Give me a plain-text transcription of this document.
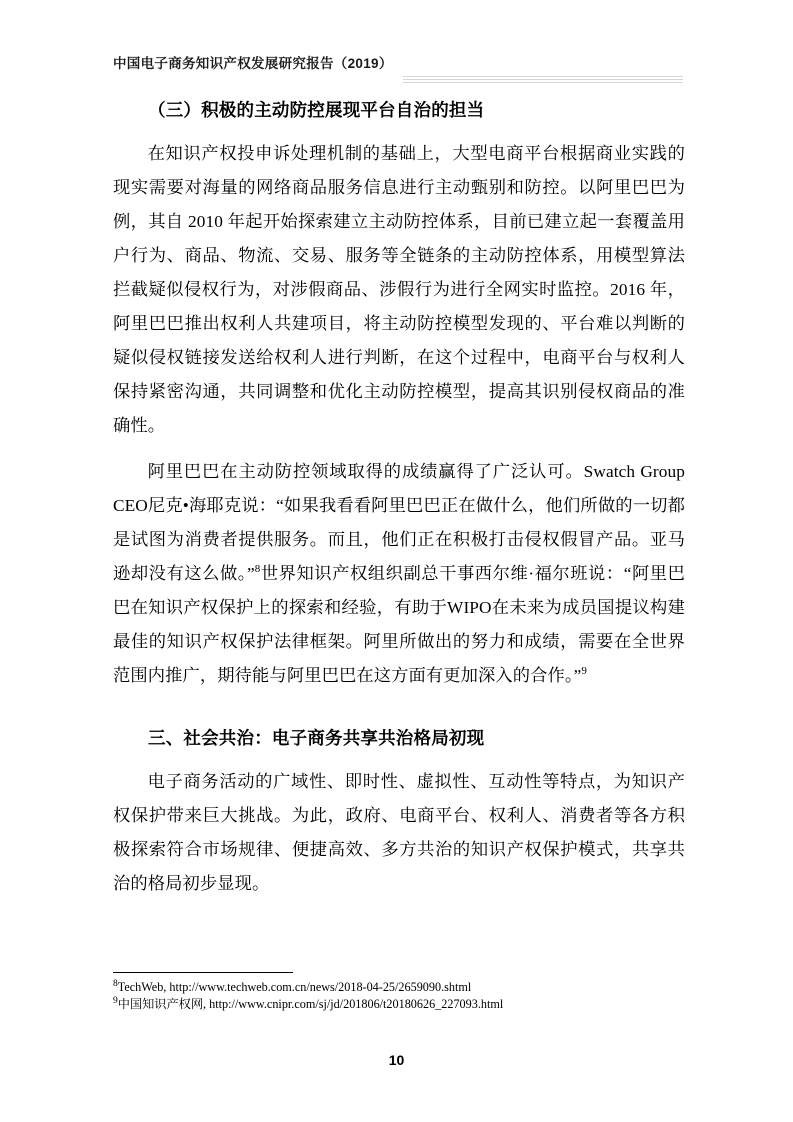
中国电子商务知识产权发展研究报告（2019）
（三）积极的主动防控展现平台自治的担当

在知识产权投申诉处理机制的基础上，大型电商平台根据商业实践的现实需要对海量的网络商品服务信息进行主动甄别和防控。以阿里巴巴为例，其自 2010 年起开始探索建立主动防控体系，目前已建立起一套覆盖用户行为、商品、物流、交易、服务等全链条的主动防控体系，用模型算法拦截疑似侵权行为，对涉假商品、涉假行为进行全网实时监控。2016 年，阿里巴巴推出权利人共建项目，将主动防控模型发现的、平台难以判断的疑似侵权链接发送给权利人进行判断，在这个过程中，电商平台与权利人保持紧密沟通，共同调整和优化主动防控模型，提高其识别侵权商品的准确性。

阿里巴巴在主动防控领域取得的成绩赢得了广泛认可。Swatch Group CEO尼克•海耶克说：“如果我看看阿里巴巴正在做什么，他们所做的一切都是试图为消费者提供服务。而且，他们正在积极打击侵权假冒产品。亚马逊却没有这么做。”$^8$世界知识产权组织副总干事西尔维·福尔班说：“阿里巴巴在知识产权保护上的探索和经验，有助于WIPO在未来为成员国提议构建最佳的知识产权保护法律框架。阿里所做出的努力和成绩，需要在全世界范围内推广，期待能与阿里巴巴在这方面有更加深入的合作。”$^9$

三、社会共治：电子商务共享共治格局初现

电子商务活动的广域性、即时性、虚拟性、互动性等特点，为知识产权保护带来巨大挑战。为此，政府、电商平台、权利人、消费者等各方积极探索符合市场规律、便捷高效、多方共治的知识产权保护模式，共享共治的格局初步显现。

$^8$TechWeb, http://www.techweb.com.cn/news/2018-04-25/2659090.shtml

$^9$中国知识产权网, http://www.cnipr.com/sj/jd/201806/t20180626_227093.html

10
